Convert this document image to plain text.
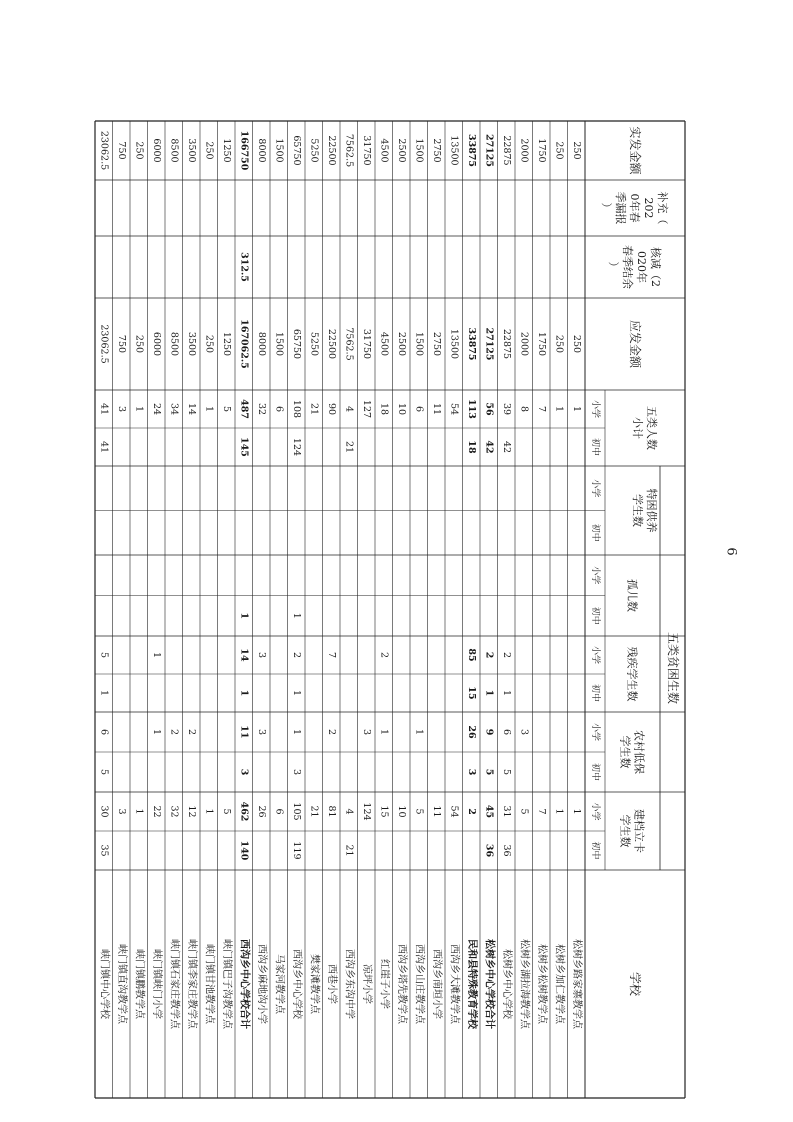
学校
五类贫困生数
建档立卡学生数
农村低保学生数
残疾学生数
孤儿数
特困供养学生数
五类人数小计
应发金额
核减（2020年春季结余）
补充（2020年春季漏报）
实发金额
小学
初中
小学
初中
小学
初中
小学
初中
小学
初中
小学
初中
松树乡路家寨教学点
1
1
250
250
松树乡加仁教学点
1
1
250
250
松树乡松树教学点
7
7
1750
1750
松树乡湖拉海教学点
5
3
8
2000
2000
松树乡中心学校
31
36
6
5
2
1
39
42
22875
22875
松树乡中心学校合计
45
36
9
5
2
1
56
42
27125
27125
民和县特殊教育学校
2
26
3
85
15
113
18
33875
33875
西沟乡大滩教学点
54
54
13500
13500
西沟乡南垣小学
11
11
2750
2750
西沟乡山庄教学点
5
1
6
1500
1500
西沟乡塔先教学点
10
10
2500
2500
红崖子小学
15
1
2
18
4500
4500
凉坪小学
124
3
127
31750
31750
西沟乡东沟中学
4
21
4
21
7562.5
7562.5
西巷小学
81
2
7
90
22500
22500
樊家滩教学点
21
21
5250
5250
西沟乡中心学校
105
119
1
3
2
1
1
108
124
65750
65750
马家河教学点
6
6
1500
1500
西沟乡麻地沟小学
26
3
3
32
8000
8000
西沟乡中心学校合计
462
140
11
3
14
1
1
487
145
167062.5
312.5
166750
峡门镇巴子沟教学点
5
5
1250
1250
峡门镇甘池教学点
1
1
250
250
峡门镇李家庄教学点
12
2
14
3500
3500
峡门镇石家庄教学点
32
2
34
8500
8500
峡门镇峡门小学
22
1
1
24
6000
6000
峡门镇鹏教学点
1
1
250
250
峡门镇直沟教学点
3
3
750
750
峡门镇中心学校
30
35
6
5
5
1
41
41
23062.5
23062.5
6
